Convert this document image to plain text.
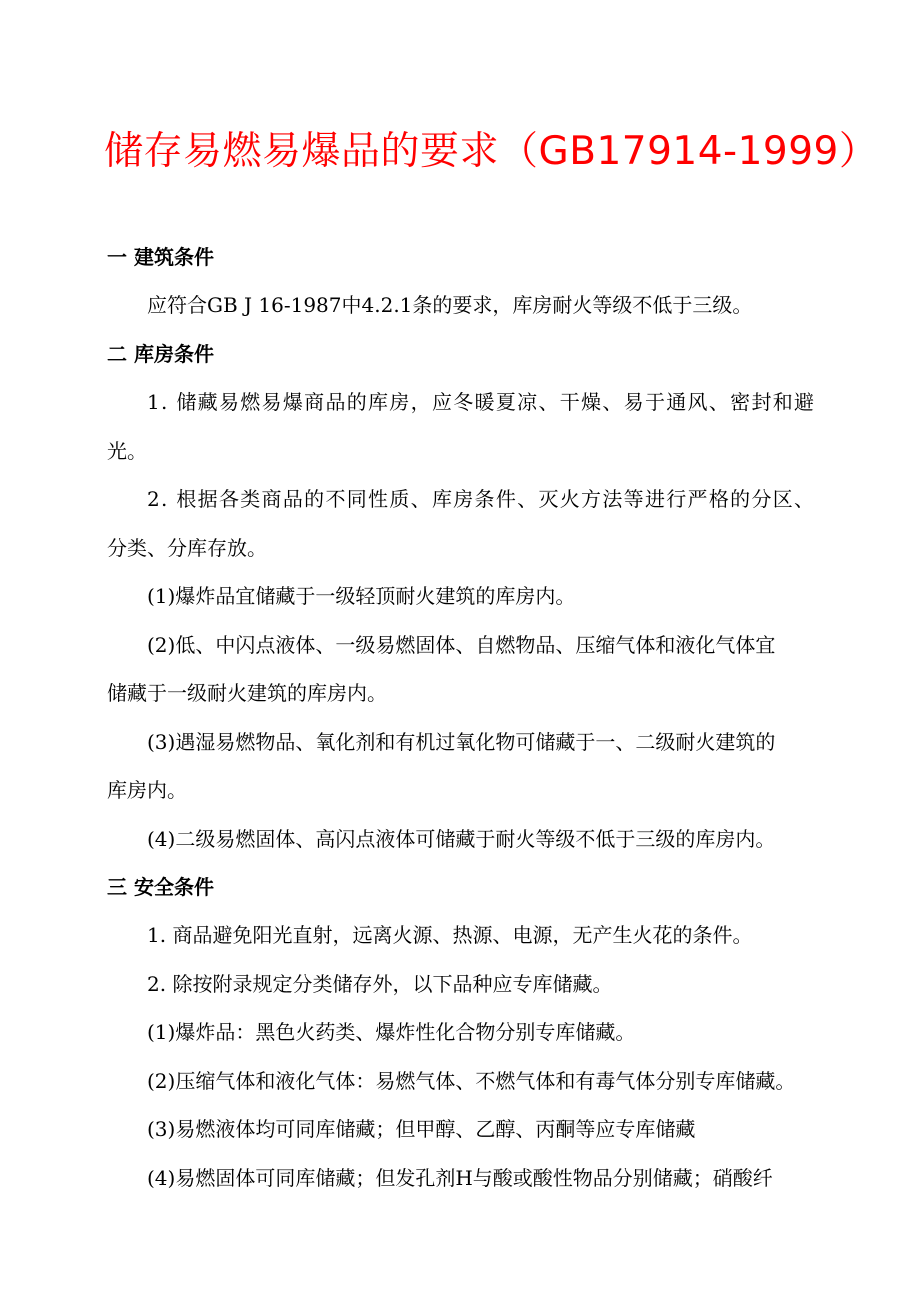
储存易燃易爆品的要求（GB17914-1999）
一 建筑条件
应符合GB J 16-1987中4.2.1条的要求，库房耐火等级不低于三级。
二 库房条件
1. 储藏易燃易爆商品的库房，应冬暖夏凉、干燥、易于通风、密封和避
光。
2. 根据各类商品的不同性质、库房条件、灭火方法等进行严格的分区、
分类、分库存放。
(1)爆炸品宜储藏于一级轻顶耐火建筑的库房内。
(2)低、中闪点液体、一级易燃固体、自燃物品、压缩气体和液化气体宜
储藏于一级耐火建筑的库房内。
(3)遇湿易燃物品、氧化剂和有机过氧化物可储藏于一、二级耐火建筑的
库房内。
(4)二级易燃固体、高闪点液体可储藏于耐火等级不低于三级的库房内。
三 安全条件
1. 商品避免阳光直射，远离火源、热源、电源，无产生火花的条件。
2. 除按附录规定分类储存外，以下品种应专库储藏。
(1)爆炸品：黑色火药类、爆炸性化合物分别专库储藏。
(2)压缩气体和液化气体：易燃气体、不燃气体和有毒气体分别专库储藏。
(3)易燃液体均可同库储藏；但甲醇、乙醇、丙酮等应专库储藏
(4)易燃固体可同库储藏；但发孔剂H与酸或酸性物品分别储藏；硝酸纤
